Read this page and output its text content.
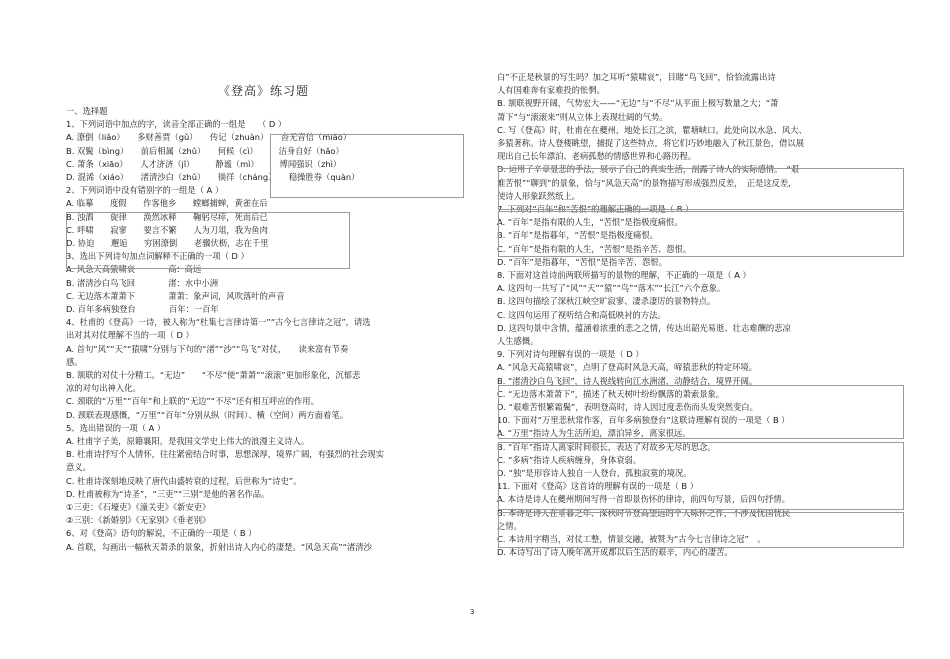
《登高》练习题
一、选择题
1、下列词语中加点的字，读音全部正确的一组是　　（ D ）
A. 潦倒（liǎo）　　多财善贾（gǔ）　　传记（zhuàn）　　杳无音信（miǎo）
B. 双鬓（bìng）　　前后相属（zhǔ）　　何候（cì）　　　洁身自好（hǎo）
C. 萧条（xiāo）　　人才济济（jǐ）　　　静谧（mì）　　　博闻强识（zhì）
D. 混浠（xiáo）　　渚清沙白（zhǔ）　　徜徉（cháng）　　稳操胜券（quàn）
2、下列词语中没有错别字的一组是（ A ）
A. 临摹　　度假　　作客他乡　　螳螂捕蝉，黄雀在后
B. 浊酒　　旋律　　涣然冰释　　鞠躬尽瘁，死而后已
C. 呼啸　　寂寥　　要言不繁　　人为刀俎，我为鱼肉
D. 协迫　　邂逅　　穷困潦倒　　老骥伏枥，志在千里
3、选出下列诗句加点词解释不正确的一项（ D ）
A. 风急天高猿啸哀　　　　高：高远
B. 渚清沙白鸟飞回　　　　渚：水中小洲
C. 无边落木萧萧下　　　　萧萧：象声词，风吹落叶的声音
D. 百年多病独登台　　　　百年：一百年
4、杜甫的《登高》一诗，被人称为“杜集七言律诗第一”“古今七言律诗之冠”，请选
出对其对仗理解不当的一项（ D ）
A. 首句“风”“天”“猿啸”分别与下句的“渚”“沙”“鸟飞”对仗，　　读来富有节奏
感。
B. 颔联的对仗十分精工。“无边”　　“不尽”使“萧萧”“滚滚”更加形象化，沉郁悲
凉的对句出神入化。
C. 颈联的“万里”“百年”和上联的“无边”“不尽”还有相互呼应的作用。
D. 颈联表现感慨，“万里”“百年”分别从纵（时间）、横（空间）两方面着笔。
5、选出错误的一项（ A ）
A. 杜甫字子美，原籍襄阳，是我国文学史上伟大的浪漫主义诗人。
B. 杜甫诗抒写个人情怀，往往紧密结合时事，思想深厚，境界广阔，有强烈的社会现实
意义。
C. 杜甫诗深刻地反映了唐代由盛转衰的过程，后世称为“诗史”。
D. 杜甫被称为“诗圣”，“三吏”“三别”是他的著名作品。
①三吏：《石壕吏》《潼关吏》《新安吏》
②三别：《新婚别》《无家别》《垂老别》
6、对《登高》语句的解说，不正确的一项是（ B ）
A. 首联，勾画出一幅秋天萧杀的景象，折射出诗人内心的凄楚。“风急天高”“渚清沙
白”不正是秋景的写生吗？加之耳听“猿啸哀”，目睹“鸟飞回”，恰恰流露出诗
人有国难奔有家难投的怅惘。
B. 颔联视野开阔，气势宏大——“无边”与“不尽”从平面上极写数量之大；“萧
萧下”与“滚滚来”则从立体上表现壮阔的气势。
C. 写《登高》时，杜甫在在夔州，地处长江之滨，瞿塘峡口。此处向以水急、风大、
多猿著称。诗人登楼眺望，捕捉了这些特点，将它们巧妙地融入了秋江景色，借以展
现出自己长年漂泊、老病孤愁的情感世界和心路历程。
D. 运用了辛章显悲的手法，展示了自己的真实生活，剖露了诗人的实际感情。　“艰
难苦恨”“聊到”的景象，恰与“风急天高”的景物描写形成强烈反差，　正是这反差，
使诗人形象跃然纸上。
7. 下列对“百年”和“苦恨”的理解正确的一项是（ B ）
A. “百年”是指有限的人生，“苦恨”是指极度痛恨。
B. “百年”是指暮年，“苦恨”是指极度痛恨。
C. “百年”是指有限的人生，“苦恨”是指辛苦、怨恨。
D. “百年”是指暮年，“苦恨”是指辛苦、怨恨。
8. 下面对这首诗前两联所描写的景物的理解，不正确的一项是（ A ）
A. 这四句一共写了“风”“天”“猿”“鸟”“落木”“长江”六个意象。
B. 这四句描绘了深秋江峡空旷寂寥、凄杀凄厉的景物特点。
C. 这四句运用了视听结合和高低映衬的方法。
D. 这四句景中含情，蕴涵着浓重的悲之之情，传达出韶光易逝、壮志难酬的悲凉
人生感慨。
9. 下列对诗句理解有误的一项是（ D ）
A. “风急天高猿啸哀”，点明了登高时风急天高，啼猿悲秋的特定环境。
B. “渚清沙白鸟飞回”，诗人视线转向江水洲渚，动静结合，境界开阔。
C. “无边落木萧萧下”，描述了秋天树叶纷纷飘落的萧索景象。
D. “艰难苦恨繁霜鬓”，表明登高时，诗人因过度悲伤而头发突然变白。
10. 下面对“万里悲秋常作客，百年多病独登台”这联诗理解有误的一项是（ B ）
A. “万里”指诗人为生活所迫，漂泊异乡，离家很远。
B. “百年”指诗人离家时间很长，表达了对故乡无尽的思念。
C. “多病”指诗人疾病缠身，身体衰弱。
D. “独”是形容诗人独自一人登台，孤独寂寞的境况。
11. 下面对《登高》这首诗的理解有误的一项是（ B ）
A. 本诗是诗人在夔州期间写得一首即景伤怀的律诗，前四句写景，后四句抒情。
B. 本诗是诗人在垂暮之年、深秋时节登高望远的个人咏怀之作，不涉及忧国忧民
之情。
C. 本诗用字精当，对仗工整，情景交融，被赞为“古今七言律诗之冠”　。
D. 本诗写出了诗人晚年离开成都以后生活的艰辛，内心的凄苦。
3
